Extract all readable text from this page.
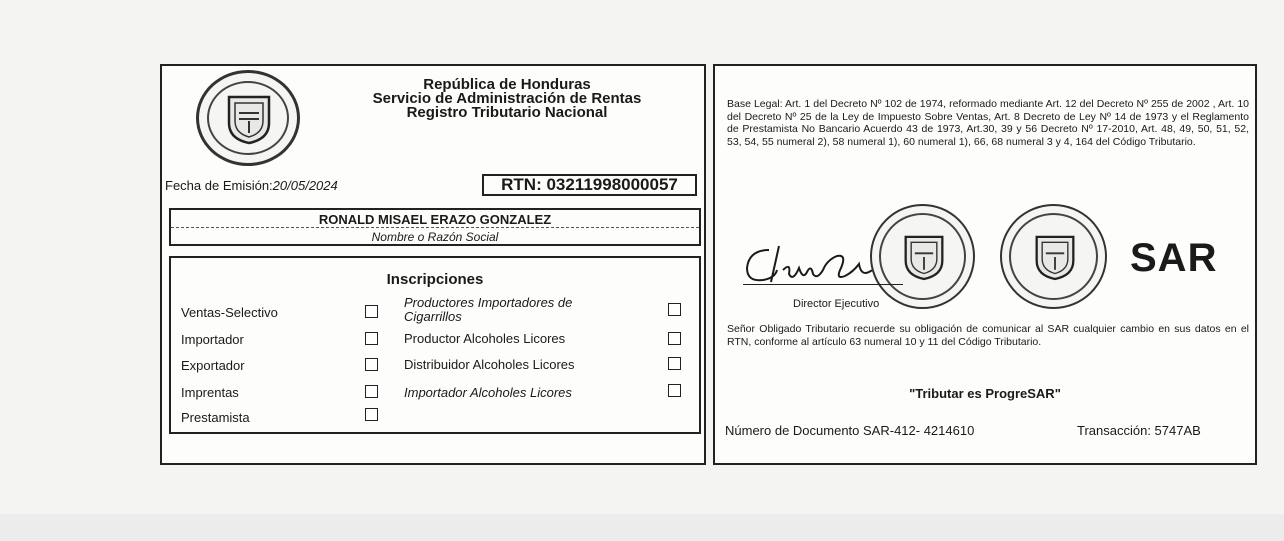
República de Honduras
Servicio de Administración de Rentas
Registro Tributario Nacional
Fecha de Emisión:20/05/2024	RTN: 03211998000057
RONALD MISAEL ERAZO GONZALEZ
Nombre o Razón Social
Inscripciones
Ventas-Selectivo
Importador
Exportador
Imprentas
Prestamista
Productores Importadores de Cigarrillos
Productor Alcoholes Licores
Distribuidor Alcoholes Licores
Importador Alcoholes Licores
Base Legal: Art. 1 del Decreto Nº 102 de 1974, reformado mediante Art. 12 del Decreto Nº 255 de 2002 , Art. 10 del Decreto Nº 25 de la Ley de Impuesto Sobre Ventas, Art. 8 Decreto de Ley Nº 14 de 1973 y el Reglamento de Prestamista No Bancario Acuerdo 43 de 1973, Art.30, 39 y 56 Decreto Nº 17-2010, Art. 48, 49, 50, 51, 52, 53, 54, 55 numeral 2), 58 numeral 1), 60 numeral 1), 66, 68 numeral 3 y 4, 164 del Código Tributario.
SAR
Director Ejecutivo
Señor Obligado Tributario recuerde su obligación de comunicar al SAR cualquier cambio en sus datos en el RTN, conforme al artículo 63 numeral 10 y 11 del Código Tributario.
"Tributar es ProgreSAR"
Número de Documento SAR-412- 4214610	Transacción: 5747AB
